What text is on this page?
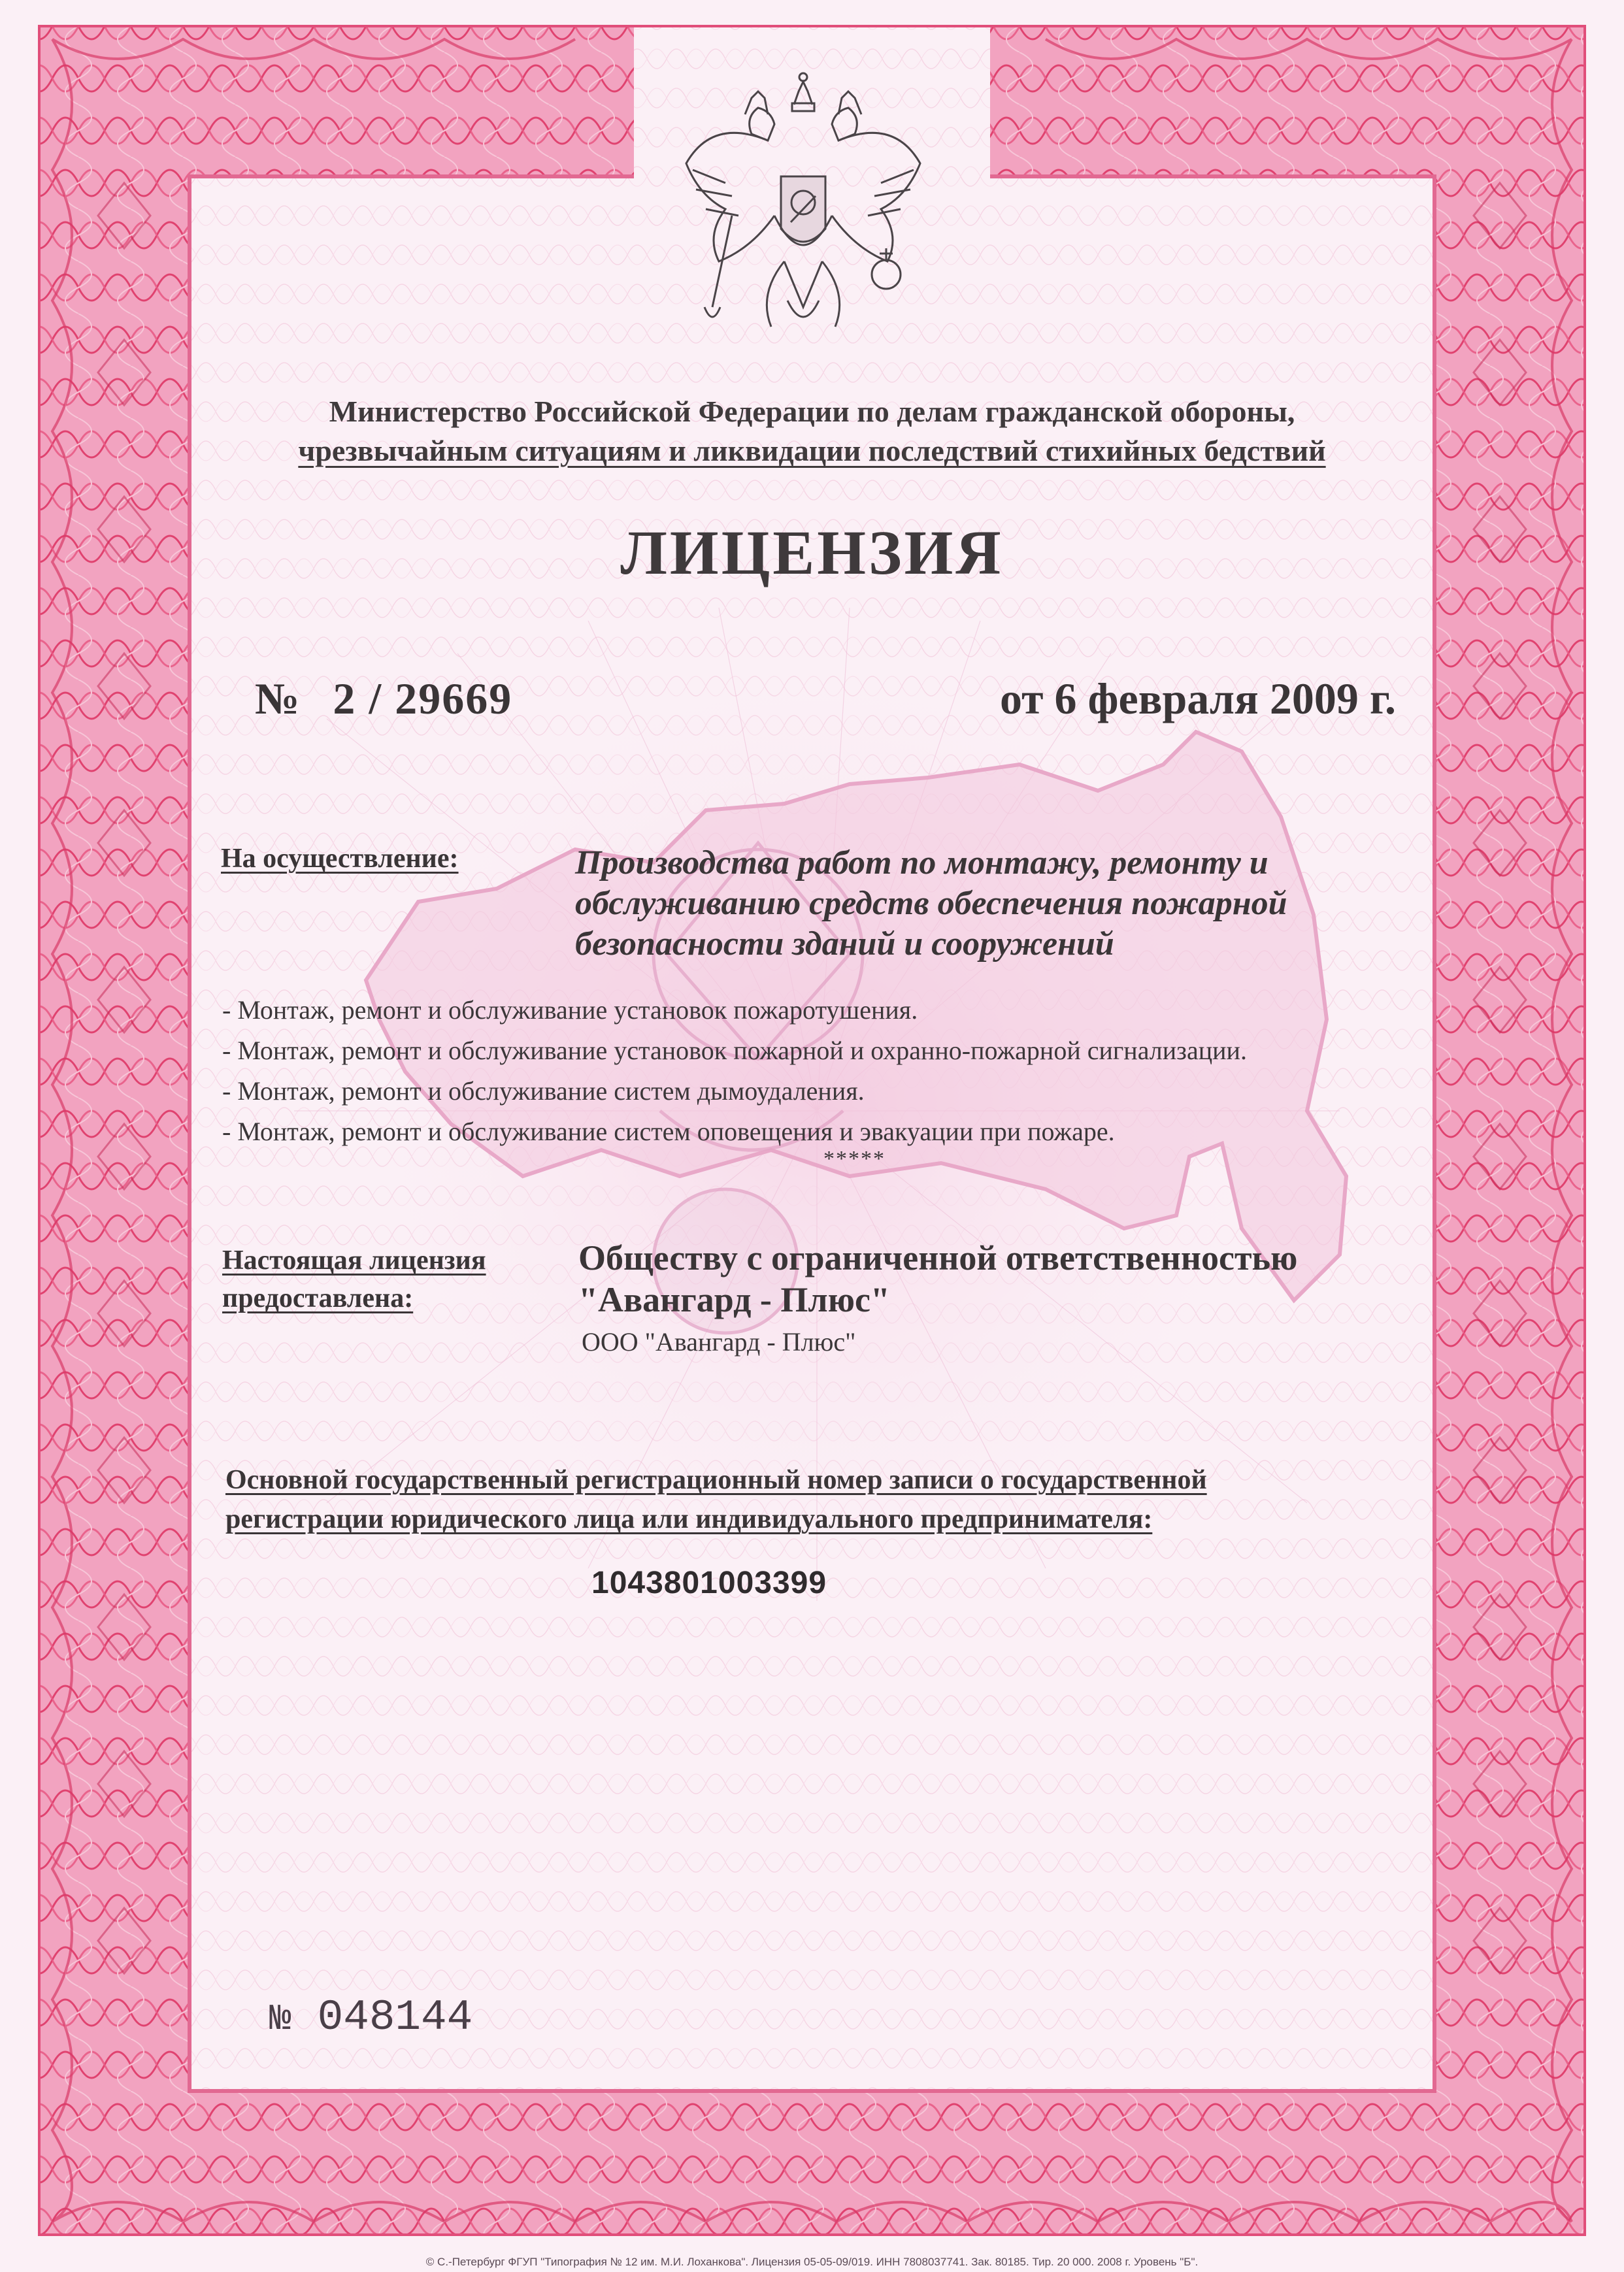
Министерство Российской Федерации по делам гражданской обороны,
чрезвычайным ситуациям и ликвидации последствий стихийных бедствий
ЛИЦЕНЗИЯ
№ 2 / 29669	от 6 февраля 2009 г.
На осуществление:	Производства работ по монтажу, ремонту и
обслуживанию средств обеспечения пожарной
безопасности зданий и сооружений
- Монтаж, ремонт и обслуживание установок пожаротушения.
- Монтаж, ремонт и обслуживание установок пожарной и охранно-пожарной сигнализации.
- Монтаж, ремонт и обслуживание систем дымоудаления.
- Монтаж, ремонт и обслуживание систем оповещения и эвакуации при пожаре.
*****
Настоящая лицензия
предоставлена:
Обществу с ограниченной ответственностью
"Авангард - Плюс"
ООО "Авангард - Плюс"
Основной государственный регистрационный номер записи о государственной
регистрации юридического лица или индивидуального предпринимателя:
1043801003399
№ 048144
© С.-Петербург ФГУП "Типография № 12 им. М.И. Лоханкова". Лицензия 05-05-09/019. ИНН 7808037741. Зак. 80185. Тир. 20 000. 2008 г. Уровень "Б".
